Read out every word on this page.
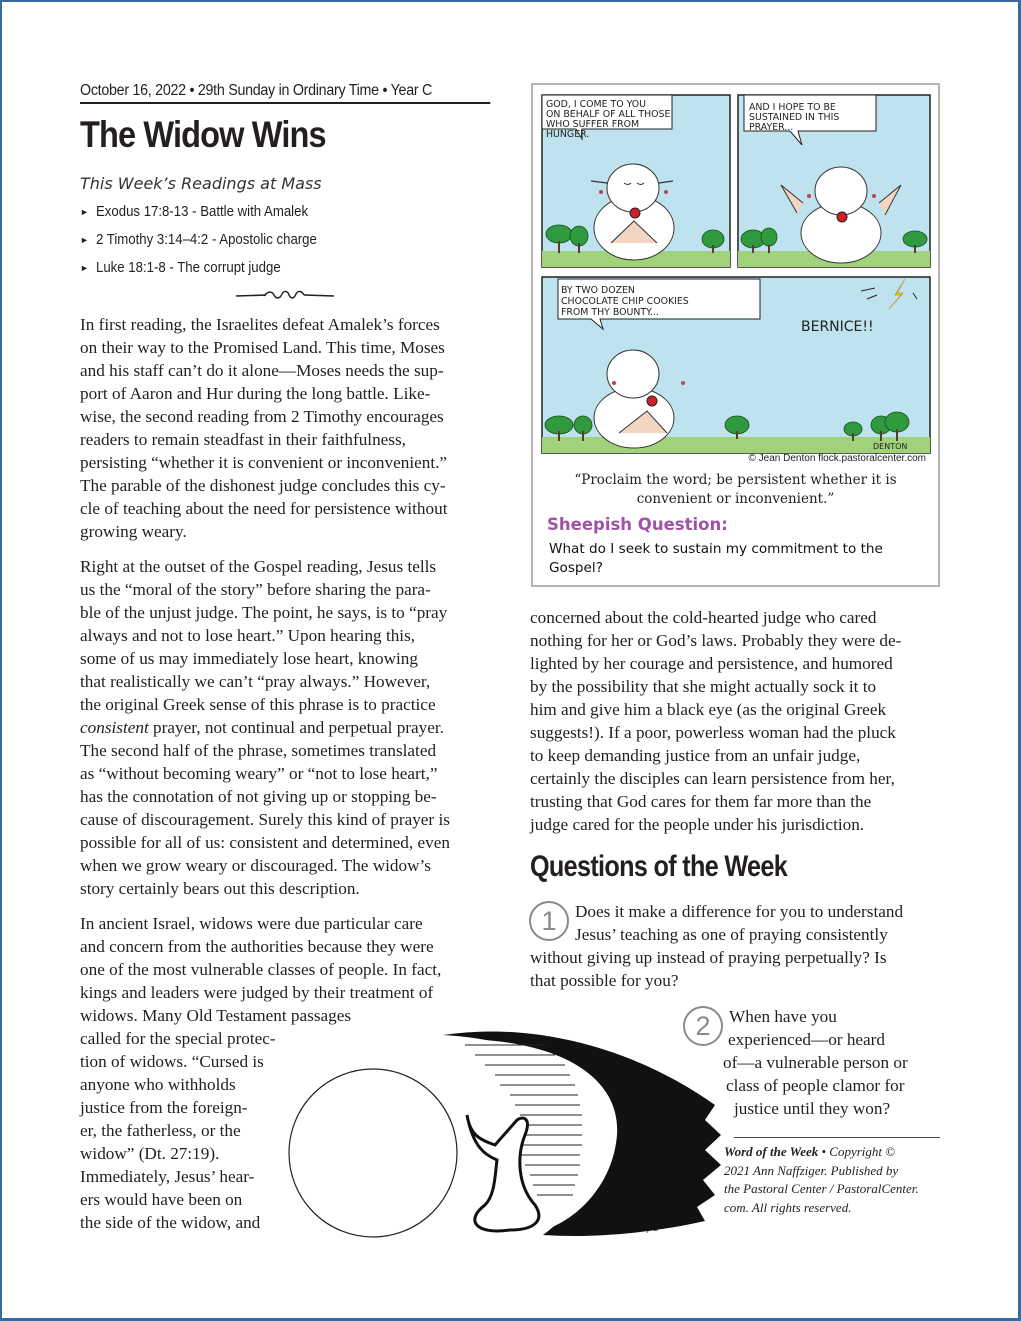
October 16, 2022 • 29th Sunday in Ordinary Time • Year C
The Widow Wins
This Week’s Readings at Mass
► Exodus 17:8-13 - Battle with Amalek
► 2 Timothy 3:14–4:2 - Apostolic charge
► Luke 18:1-8 - The corrupt judge

In first reading, the Israelites defeat Amalek’s forces
on their way to the Promised Land. This time, Moses
and his staff can’t do it alone—Moses needs the sup-
port of Aaron and Hur during the long battle. Like-
wise, the second reading from 2 Timothy encourages
readers to remain steadfast in their faithfulness,
persisting “whether it is convenient or inconvenient.”
The parable of the dishonest judge concludes this cy-
cle of teaching about the need for persistence without
growing weary.

Right at the outset of the Gospel reading, Jesus tells
us the “moral of the story” before sharing the para-
ble of the unjust judge. The point, he says, is to “pray
always and not to lose heart.” Upon hearing this,
some of us may immediately lose heart, knowing
that realistically we can’t “pray always.” However,
the original Greek sense of this phrase is to practice
consistent prayer, not continual and perpetual prayer.
The second half of the phrase, sometimes translated
as “without becoming weary” or “not to lose heart,”
has the connotation of not giving up or stopping be-
cause of discouragement. Surely this kind of prayer is
possible for all of us: consistent and determined, even
when we grow weary or discouraged. The widow’s
story certainly bears out this description.

In ancient Israel, widows were due particular care
and concern from the authorities because they were
one of the most vulnerable classes of people. In fact,
kings and leaders were judged by their treatment of
widows. Many Old Testament passages
called for the special protec-
tion of widows. “Cursed is
anyone who withholds
justice from the foreign-
er, the fatherless, or the
widow” (Dt. 27:19).
Immediately, Jesus’ hear-
ers would have been on
the side of the widow, and

GOD, I COME TO YOU ON BEHALF OF ALL THOSE WHO SUFFER FROM HUNGER.
AND I HOPE TO BE SUSTAINED IN THIS PRAYER...
BY TWO DOZEN CHOCOLATE CHIP COOKIES FROM THY BOUNTY...
BERNICE!!
DENTON
© Jean Denton flock.pastoralcenter.com
“Proclaim the word; be persistent whether it is
convenient or inconvenient.”
Sheepish Question:
What do I seek to sustain my commitment to the Gospel?

concerned about the cold-hearted judge who cared
nothing for her or God’s laws. Probably they were de-
lighted by her courage and persistence, and humored
by the possibility that she might actually sock it to
him and give him a black eye (as the original Greek
suggests!). If a poor, powerless woman had the pluck
to keep demanding justice from an unfair judge,
certainly the disciples can learn persistence from her,
trusting that God cares for them far more than the
judge cared for the people under his jurisdiction.

Questions of the Week
1	Does it make a difference for you to understand
Jesus’ teaching as one of praying consistently
without giving up instead of praying perpetually? Is
that possible for you?
2	When have you
experienced—or heard
of—a vulnerable person or
class of people clamor for
justice until they won?
Word of the Week • Copyright ©
2021 Ann Naffziger. Published by
the Pastoral Center / PastoralCenter.
com. All rights reserved.
JFD
